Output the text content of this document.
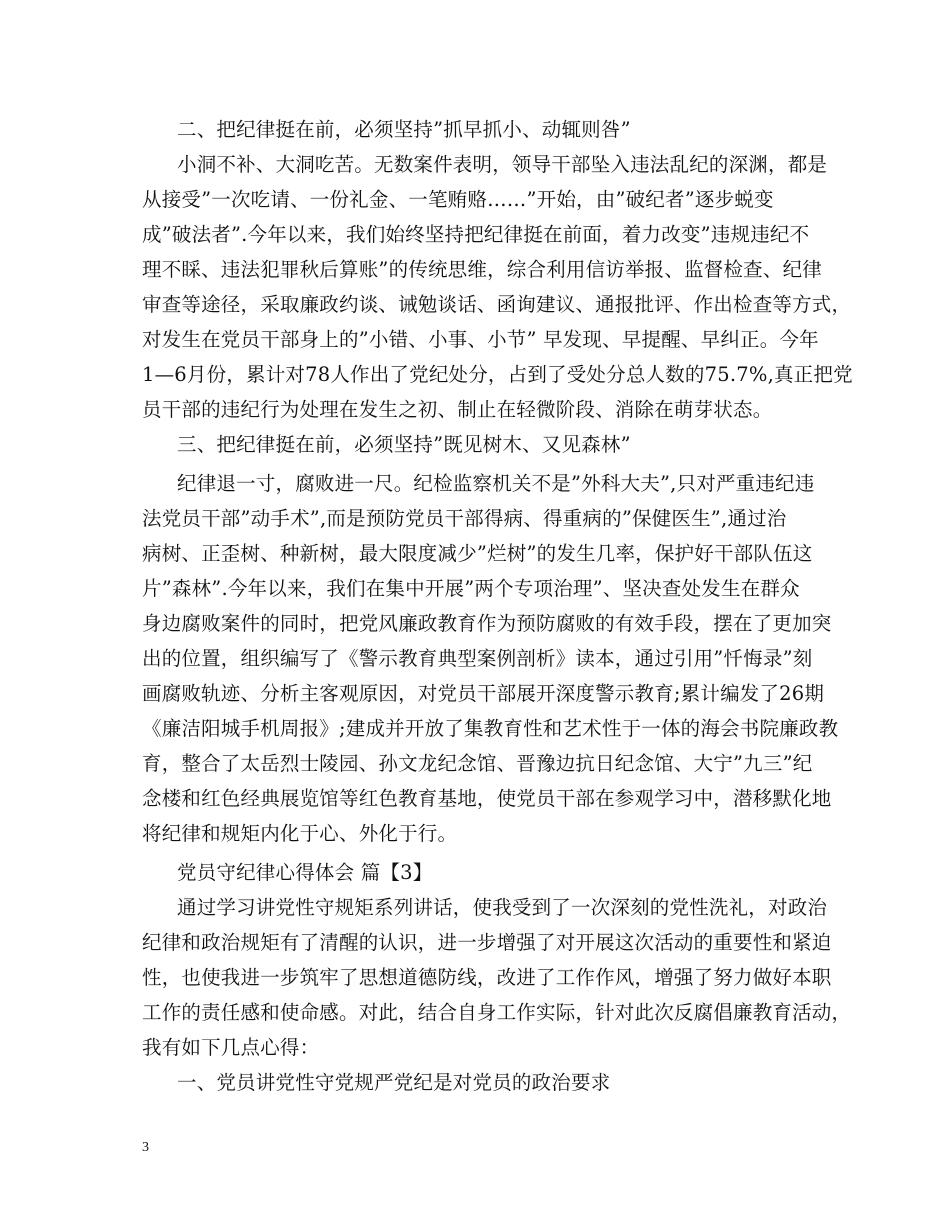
二、把纪律挺在前，必须坚持”抓早抓小、动辄则咎”
小洞不补、大洞吃苦。无数案件表明，领导干部坠入违法乱纪的深渊，都是
从接受”一次吃请、一份礼金、一笔贿赂……”开始，由”破纪者”逐步蜕变
成”破法者”.今年以来，我们始终坚持把纪律挺在前面，着力改变”违规违纪不
理不睬、违法犯罪秋后算账”的传统思维，综合利用信访举报、监督检查、纪律
审查等途径，采取廉政约谈、诫勉谈话、函询建议、通报批评、作出检查等方式，
对发生在党员干部身上的”小错、小事、小节” 早发现、早提醒、早纠正。今年
1—6月份，累计对78人作出了党纪处分，占到了受处分总人数的75.7%,真正把党
员干部的违纪行为处理在发生之初、制止在轻微阶段、消除在萌芽状态。
三、把纪律挺在前，必须坚持”既见树木、又见森林”
纪律退一寸，腐败进一尺。纪检监察机关不是”外科大夫”,只对严重违纪违
法党员干部”动手术”,而是预防党员干部得病、得重病的”保健医生”,通过治
病树、正歪树、种新树，最大限度减少”烂树”的发生几率，保护好干部队伍这
片”森林”.今年以来，我们在集中开展”两个专项治理”、坚决查处发生在群众
身边腐败案件的同时，把党风廉政教育作为预防腐败的有效手段，摆在了更加突
出的位置，组织编写了《警示教育典型案例剖析》读本，通过引用”忏悔录”刻
画腐败轨迹、分析主客观原因，对党员干部展开深度警示教育;累计编发了26期
《廉洁阳城手机周报》;建成并开放了集教育性和艺术性于一体的海会书院廉政教
育，整合了太岳烈士陵园、孙文龙纪念馆、晋豫边抗日纪念馆、大宁”九三”纪
念楼和红色经典展览馆等红色教育基地，使党员干部在参观学习中，潜移默化地
将纪律和规矩内化于心、外化于行。
党员守纪律心得体会 篇【3】
通过学习讲党性守规矩系列讲话，使我受到了一次深刻的党性洗礼，对政治
纪律和政治规矩有了清醒的认识，进一步增强了对开展这次活动的重要性和紧迫
性，也使我进一步筑牢了思想道德防线，改进了工作作风，增强了努力做好本职
工作的责任感和使命感。对此，结合自身工作实际，针对此次反腐倡廉教育活动，
我有如下几点心得：
一、党员讲党性守党规严党纪是对党员的政治要求
3
